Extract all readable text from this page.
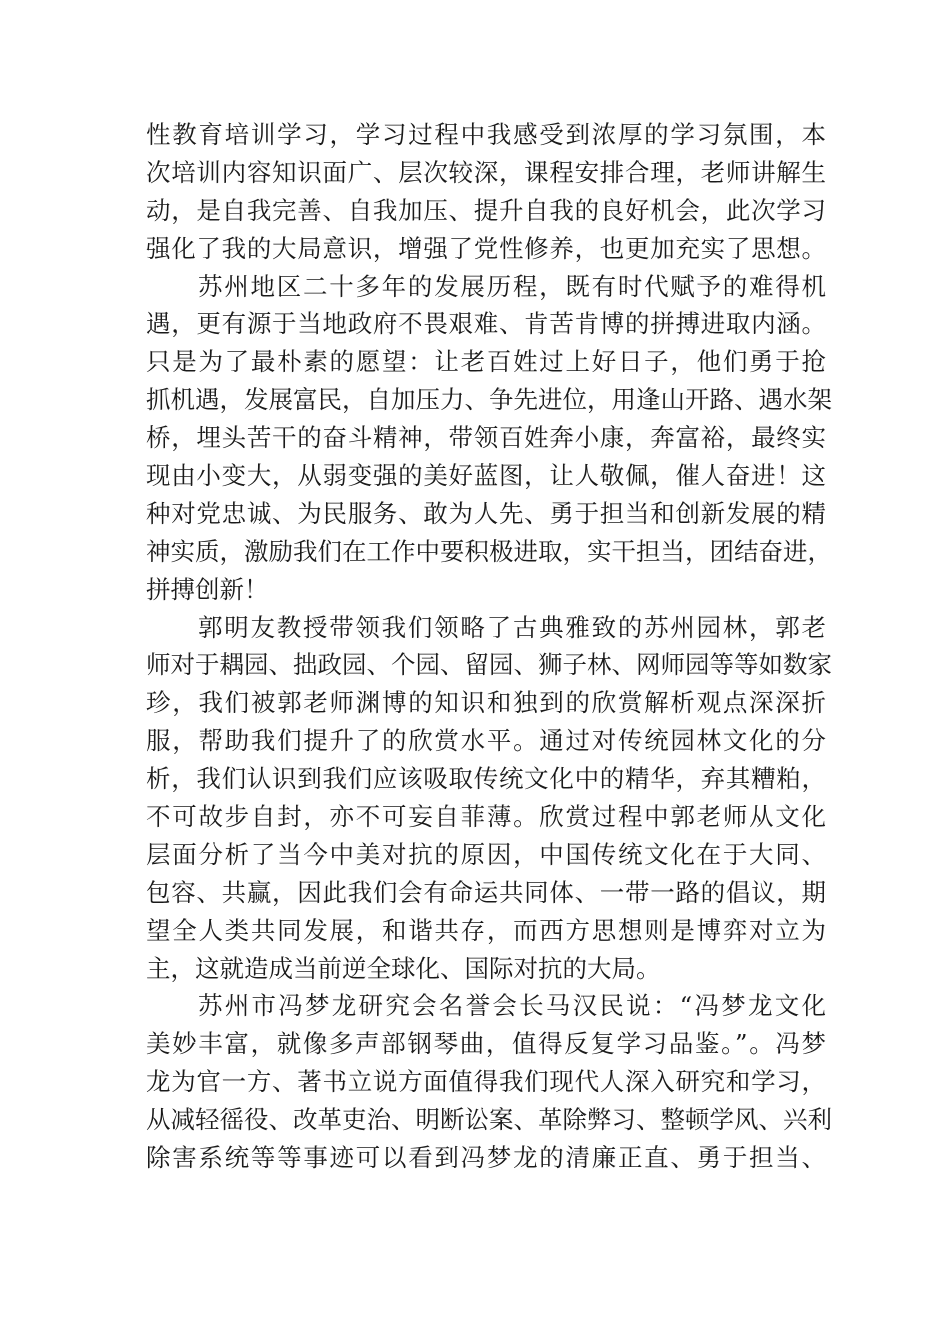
性教育培训学习，学习过程中我感受到浓厚的学习氛围，本
次培训内容知识面广、层次较深，课程安排合理，老师讲解生
动，是自我完善、自我加压、提升自我的良好机会，此次学习
强化了我的大局意识，增强了党性修养，也更加充实了思想。
苏州地区二十多年的发展历程，既有时代赋予的难得机
遇，更有源于当地政府不畏艰难、肯苦肯博的拼搏进取内涵。
只是为了最朴素的愿望：让老百姓过上好日子，他们勇于抢
抓机遇，发展富民，自加压力、争先进位，用逢山开路、遇水架
桥，埋头苦干的奋斗精神，带领百姓奔小康，奔富裕，最终实
现由小变大，从弱变强的美好蓝图，让人敬佩，催人奋进！这
种对党忠诚、为民服务、敢为人先、勇于担当和创新发展的精
神实质，激励我们在工作中要积极进取，实干担当，团结奋进，
拼搏创新！
郭明友教授带领我们领略了古典雅致的苏州园林，郭老
师对于耦园、拙政园、个园、留园、狮子林、网师园等等如数家
珍，我们被郭老师渊博的知识和独到的欣赏解析观点深深折
服，帮助我们提升了的欣赏水平。通过对传统园林文化的分
析，我们认识到我们应该吸取传统文化中的精华，弃其糟粕，
不可故步自封，亦不可妄自菲薄。欣赏过程中郭老师从文化
层面分析了当今中美对抗的原因，中国传统文化在于大同、
包容、共赢，因此我们会有命运共同体、一带一路的倡议，期
望全人类共同发展，和谐共存，而西方思想则是博弈对立为
主，这就造成当前逆全球化、国际对抗的大局。
苏州市冯梦龙研究会名誉会长马汉民说：“冯梦龙文化
美妙丰富，就像多声部钢琴曲，值得反复学习品鉴。”。冯梦
龙为官一方、著书立说方面值得我们现代人深入研究和学习，
从减轻徭役、改革吏治、明断讼案、革除弊习、整顿学风、兴利
除害系统等等事迹可以看到冯梦龙的清廉正直、勇于担当、
